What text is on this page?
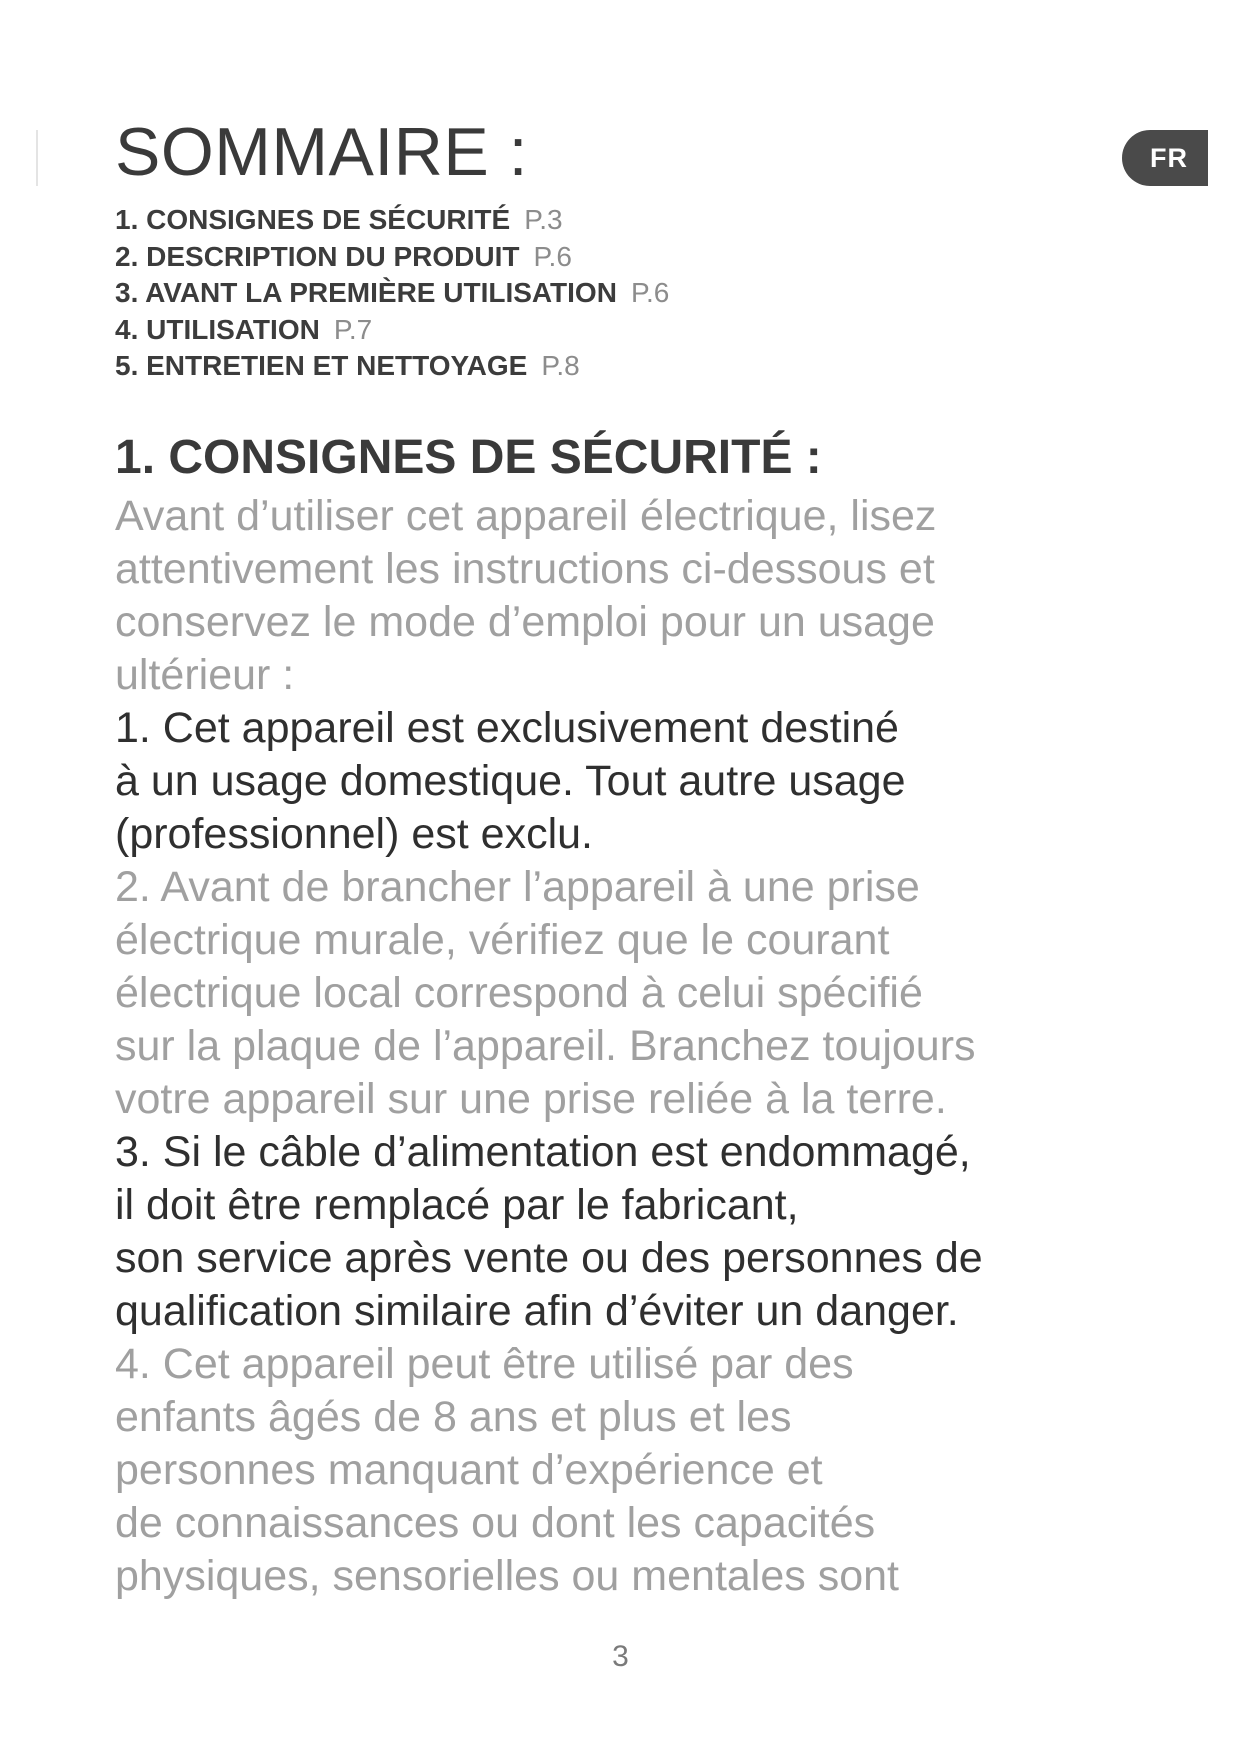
SOMMAIRE :	FR
1. CONSIGNES DE SÉCURITÉ P.3
2. DESCRIPTION DU PRODUIT P.6
3. AVANT LA PREMIÈRE UTILISATION P.6
4. UTILISATION P.7
5. ENTRETIEN ET NETTOYAGE P.8
1. CONSIGNES DE SÉCURITÉ :

Avant d’utiliser cet appareil électrique, lisez
attentivement les instructions ci-dessous et
conservez le mode d’emploi pour un usage
ultérieur :

1. Cet appareil est exclusivement destiné
à un usage domestique. Tout autre usage
(professionnel) est exclu.

2. Avant de brancher l’appareil à une prise
électrique murale, vérifiez que le courant
électrique local correspond à celui spécifié
sur la plaque de l’appareil. Branchez toujours
votre appareil sur une prise reliée à la terre.

3. Si le câble d’alimentation est endommagé,
il doit être remplacé par le fabricant,
son service après vente ou des personnes de
qualification similaire afin d’éviter un danger.

4. Cet appareil peut être utilisé par des
enfants âgés de 8 ans et plus et les
personnes manquant d’expérience et
de connaissances ou dont les capacités
physiques, sensorielles ou mentales sont

3
